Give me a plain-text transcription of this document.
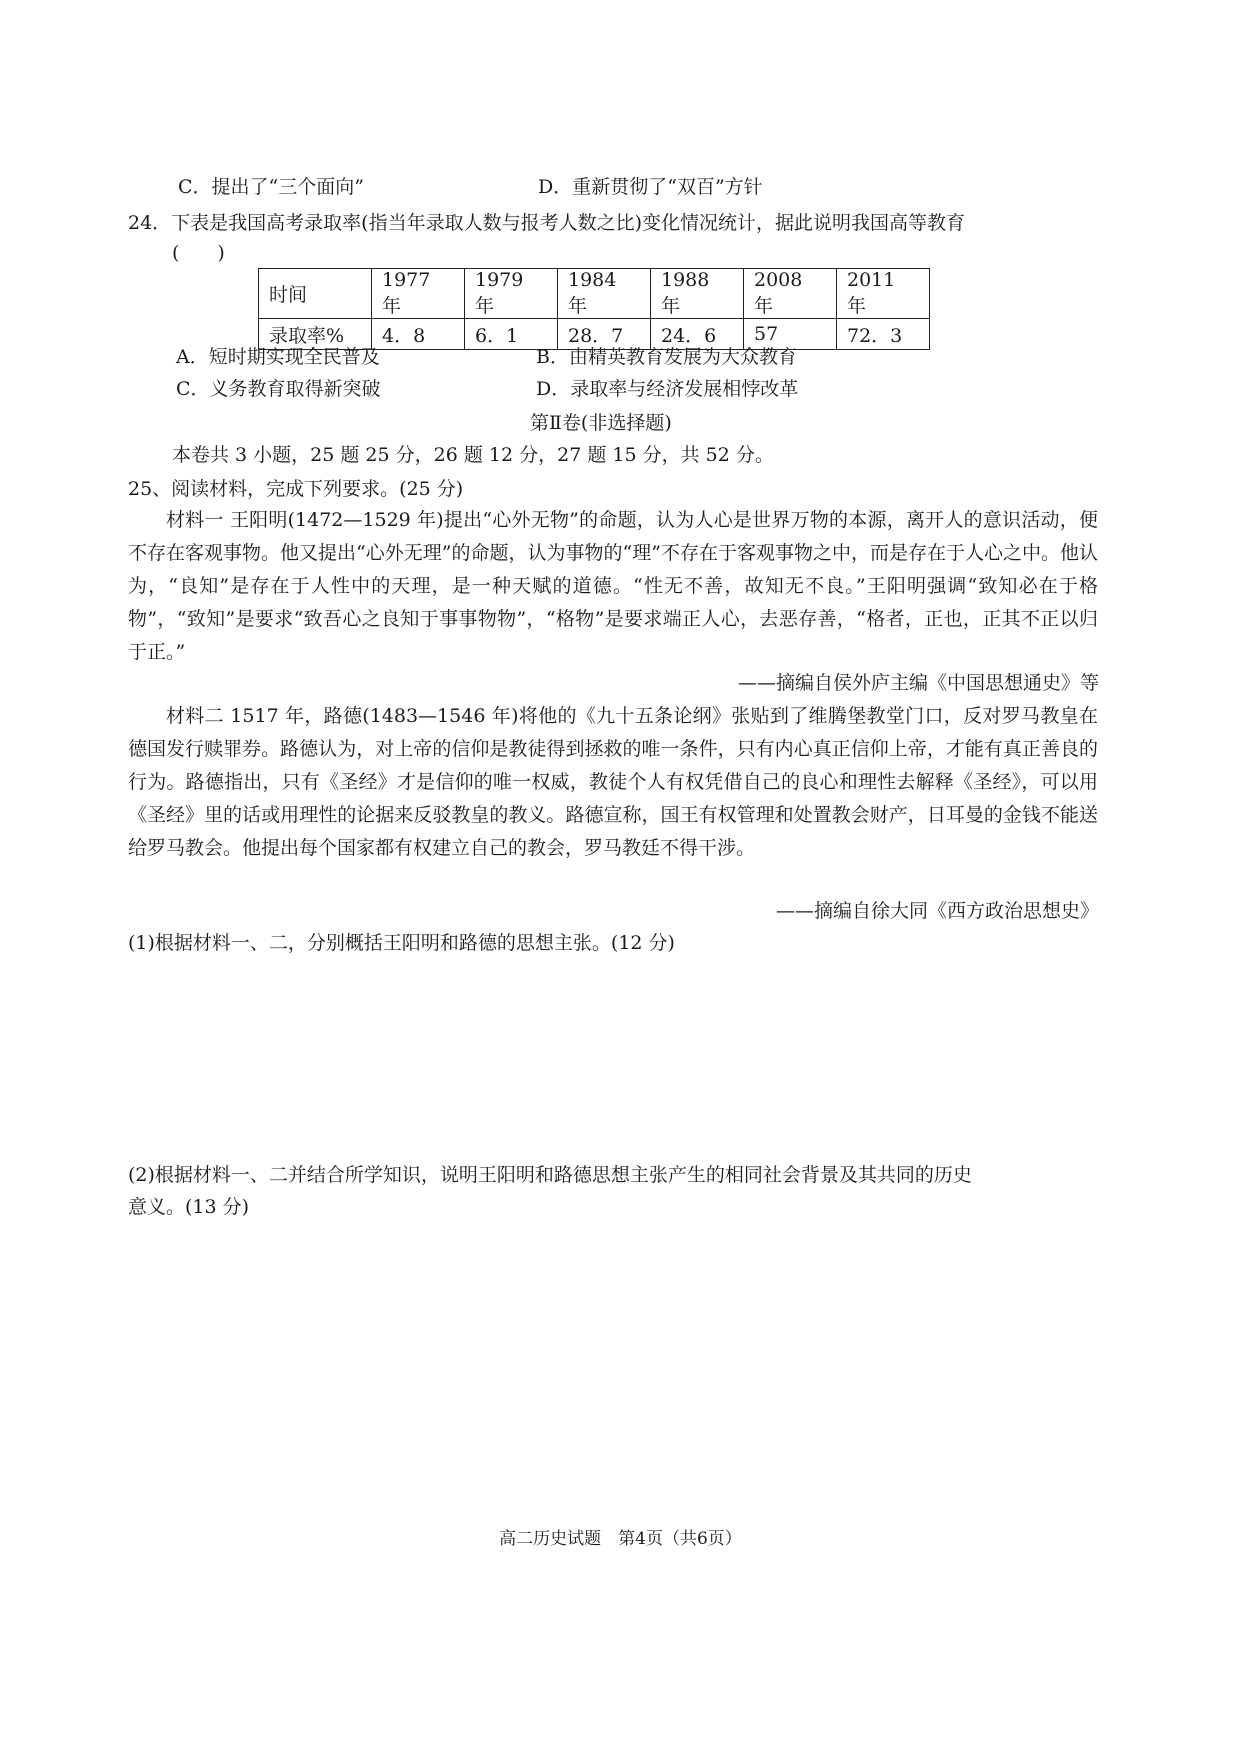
C．提出了“三个面向”	D．重新贯彻了“双百”方针
24．下表是我国高考录取率(指当年录取人数与报考人数之比)变化情况统计，据此说明我国高等教育
(　　)
时间	1977 年	1979 年	1984 年	1988 年	2008 年	2011 年
录取率%	4．8	6．1	28．7	24．6	57	72．3
A．短时期实现全民普及	B．由精英教育发展为大众教育
C．义务教育取得新突破	D．录取率与经济发展相悖改革
第Ⅱ卷(非选择题)
本卷共 3 小题，25 题 25 分，26 题 12 分，27 题 15 分，共 52 分。
25、阅读材料，完成下列要求。(25 分)

材料一 王阳明(1472—1529 年)提出“心外无物”的命题，认为人心是世界万物的本源，离开人的意识活动，便不存在客观事物。他又提出“心外无理”的命题，认为事物的“理”不存在于客观事物之中，而是存在于人心之中。他认为，“良知”是存在于人性中的天理，是一种天赋的道德。“性无不善，故知无不良。”王阳明强调“致知必在于格物”，“致知”是要求“致吾心之良知于事事物物”，“格物”是要求端正人心，去恶存善，“格者，正也，正其不正以归于正。”

——摘编自侯外庐主编《中国思想通史》等

材料二 1517 年，路德(1483—1546 年)将他的《九十五条论纲》张贴到了维腾堡教堂门口，反对罗马教皇在德国发行赎罪券。路德认为，对上帝的信仰是教徒得到拯救的唯一条件，只有内心真正信仰上帝，才能有真正善良的行为。路德指出，只有《圣经》才是信仰的唯一权威，教徒个人有权凭借自己的良心和理性去解释《圣经》，可以用《圣经》里的话或用理性的论据来反驳教皇的教义。路德宣称，国王有权管理和处置教会财产，日耳曼的金钱不能送给罗马教会。他提出每个国家都有权建立自己的教会，罗马教廷不得干涉。

——摘编自徐大同《西方政治思想史》
(1)根据材料一、二，分别概括王阳明和路德的思想主张。(12 分)
(2)根据材料一、二并结合所学知识，说明王阳明和路德思想主张产生的相同社会背景及其共同的历史
意义。(13 分)
高二历史试题　第4页（共6页）
